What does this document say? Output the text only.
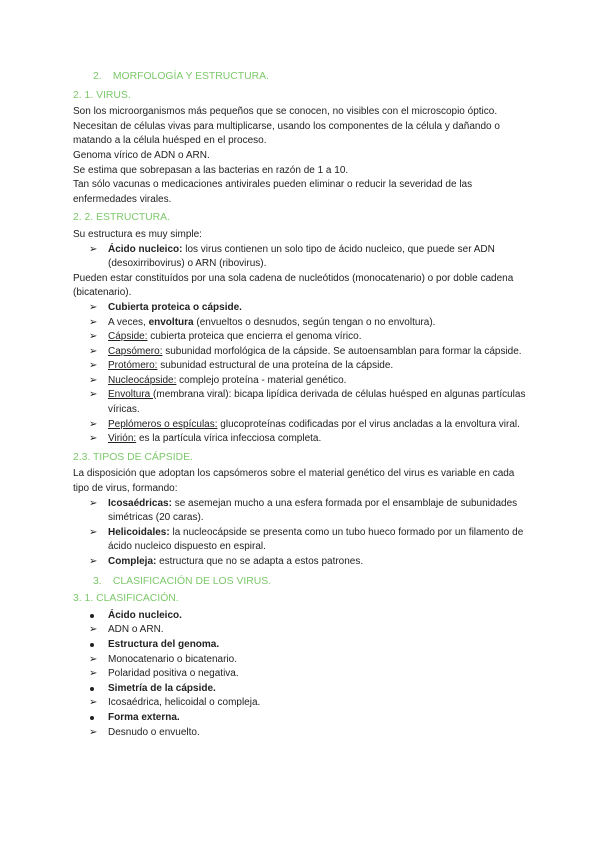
2. MORFOLOGÍA Y ESTRUCTURA.
2. 1. VIRUS.

Son los microorganismos más pequeños que se conocen, no visibles con el microscopio óptico.

Necesitan de células vivas para multiplicarse, usando los componentes de la célula y dañando o matando a la célula huésped en el proceso.

Genoma vírico de ADN o ARN.

Se estima que sobrepasan a las bacterias en razón de 1 a 10.

Tan sólo vacunas o medicaciones antivirales pueden eliminar o reducir la severidad de las enfermedades virales.

2. 2. ESTRUCTURA.

Su estructura es muy simple:

➢ Ácido nucleico: los virus contienen un solo tipo de ácido nucleico, que puede ser ADN (desoxirribovirus) o ARN (ribovirus).

Pueden estar constituídos por una sola cadena de nucleótidos (monocatenario) o por doble cadena (bicatenario).

➢ Cubierta proteica o cápside.
➢ A veces, envoltura (envueltos o desnudos, según tengan o no envoltura).
➢ Cápside: cubierta proteica que encierra el genoma vírico.
➢ Capsómero: subunidad morfológica de la cápside. Se autoensamblan para formar la cápside.
➢ Protómero: subunidad estructural de una proteína de la cápside.
➢ Nucleocápside: complejo proteína - material genético.
➢ Envoltura (membrana viral): bicapa lipídica derivada de células huésped en algunas partículas víricas.
➢ Peplómeros o espículas: glucoproteínas codificadas por el virus ancladas a la envoltura viral.
➢ Virión: es la partícula vírica infecciosa completa.
2.3. TIPOS DE CÁPSIDE.

La disposición que adoptan los capsómeros sobre el material genético del virus es variable en cada tipo de virus, formando:

➢ Icosaédricas: se asemejan mucho a una esfera formada por el ensamblaje de subunidades simétricas (20 caras).
➢ Helicoidales: la nucleocápside se presenta como un tubo hueco formado por un filamento de ácido nucleico dispuesto en espiral.
➢ Compleja: estructura que no se adapta a estos patrones.
3. CLASIFICACIÓN DE LOS VIRUS.
3. 1. CLASIFICACIÓN.
Ácido nucleico.
➢ ADN o ARN.
Estructura del genoma.
➢ Monocatenario o bicatenario.
➢ Polaridad positiva o negativa.
Simetría de la cápside.
➢ Icosaédrica, helicoidal o compleja.
Forma externa.
➢ Desnudo o envuelto.
